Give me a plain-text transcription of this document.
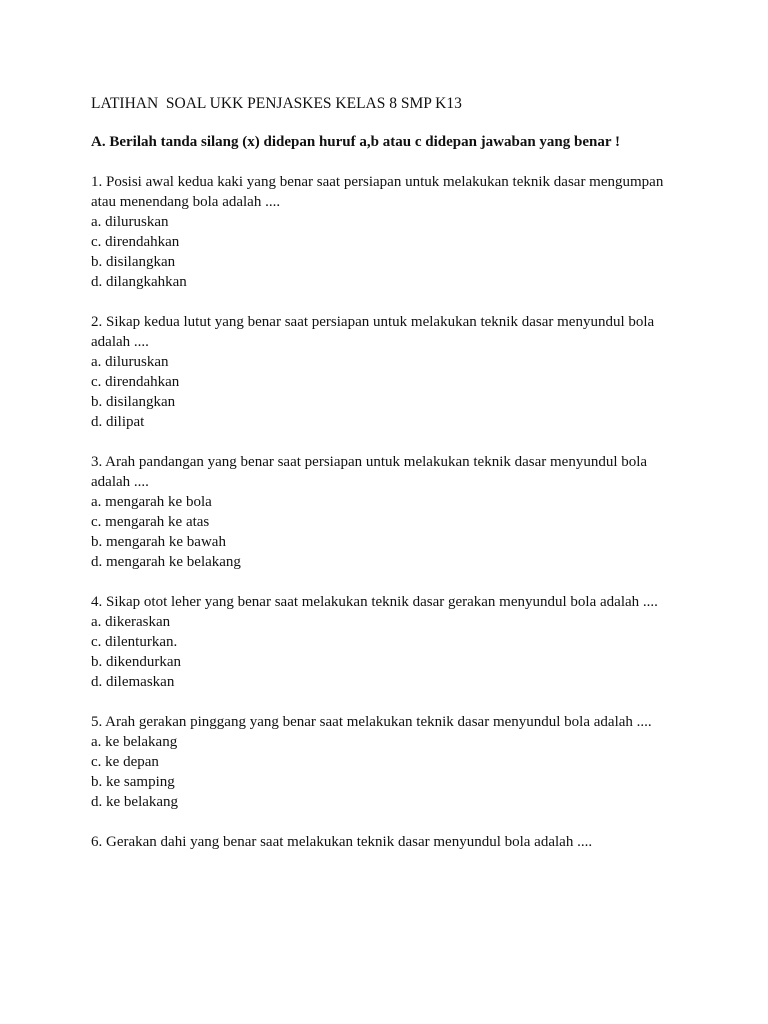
LATIHAN  SOAL UKK PENJASKES KELAS 8 SMP K13
A. Berilah tanda silang (x) didepan huruf a,b atau c didepan jawaban yang benar !
1. Posisi awal kedua kaki yang benar saat persiapan untuk melakukan teknik dasar mengumpan atau menendang bola adalah ....
a. diluruskan
c. direndahkan
b. disilangkan
d. dilangkahkan
2. Sikap kedua lutut yang benar saat persiapan untuk melakukan teknik dasar menyundul bola adalah ....
a. diluruskan
c. direndahkan
b. disilangkan
d. dilipat
3. Arah pandangan yang benar saat persiapan untuk melakukan teknik dasar menyundul bola adalah ....
a. mengarah ke bola
c. mengarah ke atas
b. mengarah ke bawah
d. mengarah ke belakang
4. Sikap otot leher yang benar saat melakukan teknik dasar gerakan menyundul bola adalah ....
a. dikeraskan
c. dilenturkan.
b. dikendurkan
d. dilemaskan
5. Arah gerakan pinggang yang benar saat melakukan teknik dasar menyundul bola adalah ....
a. ke belakang
c. ke depan
b. ke samping
d. ke belakang
6. Gerakan dahi yang benar saat melakukan teknik dasar menyundul bola adalah ....
